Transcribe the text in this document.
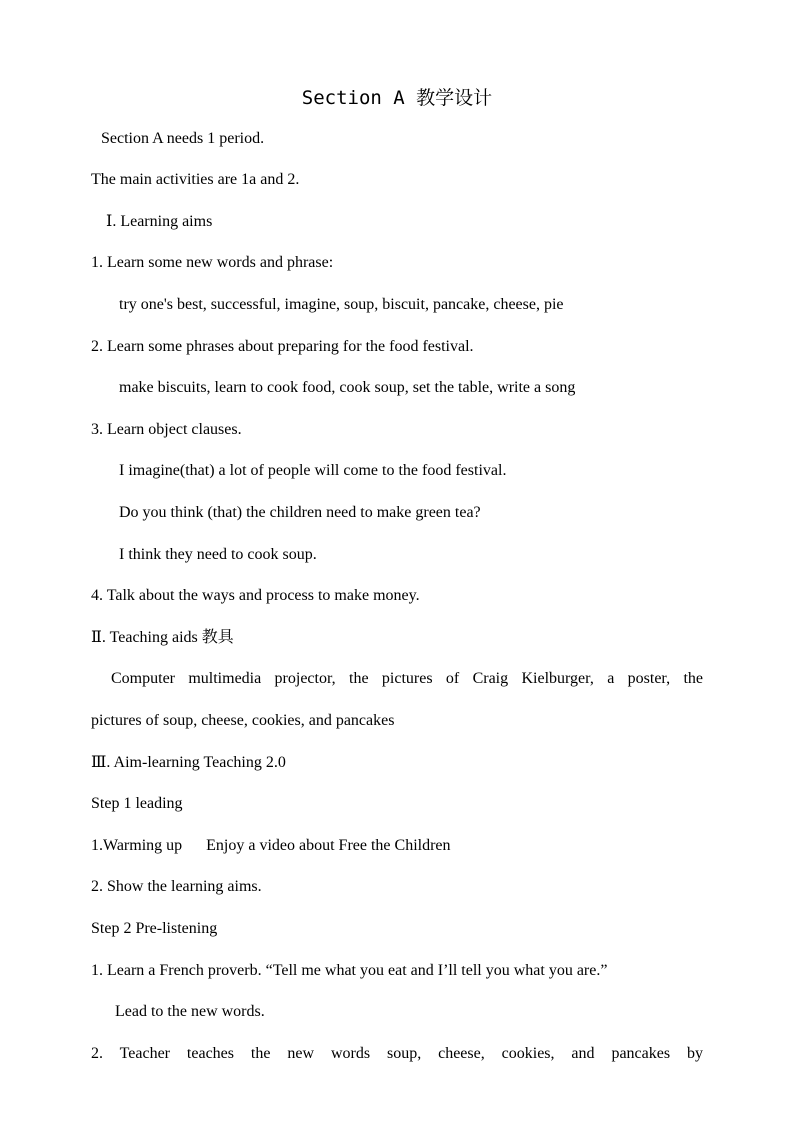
Section A 教学设计
Section A needs 1 period.
The main activities are 1a and 2.
Ⅰ. Learning aims
1. Learn some new words and phrase:
try one's best, successful, imagine, soup, biscuit, pancake, cheese, pie
2. Learn some phrases about preparing for the food festival.
make biscuits, learn to cook food, cook soup, set the table, write a song
3. Learn object clauses.
I imagine(that) a lot of people will come to the food festival.
Do you think (that) the children need to make green tea?
I think they need to cook soup.
4. Talk about the ways and process to make money.
Ⅱ. Teaching aids 教具
Computer multimedia projector, the pictures of Craig Kielburger, a poster, the
pictures of soup, cheese, cookies, and pancakes
Ⅲ. Aim-learning Teaching 2.0
Step 1 leading
1.Warming up      Enjoy a video about Free the Children
2. Show the learning aims.
Step 2 Pre-listening
1. Learn a French proverb. “Tell me what you eat and I’ll tell you what you are.”
Lead to the new words.
2. Teacher teaches the new words soup, cheese, cookies, and pancakes by
